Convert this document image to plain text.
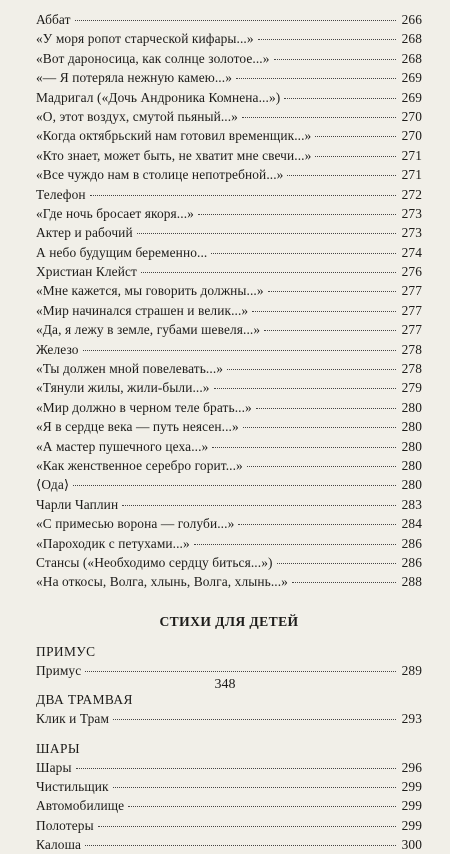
Аббат	266
«У моря ропот старческой кифары...»	268
«Вот дароносица, как солнце золотое...»	268
«— Я потеряла нежную камею...»	269
Мадригал («Дочь Андроника Комнена...»)	269
«О, этот воздух, смутой пьяный...»	270
«Когда октябрьский нам готовил временщик...»	270
«Кто знает, может быть, не хватит мне свечи...»	271
«Все чуждо нам в столице непотребной...»	271
Телефон	272
«Где ночь бросает якоря...»	273
Актер и рабочий	273
А небо будущим беременно...	274
Христиан Клейст	276
«Мне кажется, мы говорить должны...»	277
«Мир начинался страшен и велик...»	277
«Да, я лежу в земле, губами шевеля...»	277
Железо	278
«Ты должен мной повелевать...»	278
«Тянули жилы, жили-были...»	279
«Мир должно в черном теле брать...»	280
«Я в сердце века — путь неясен...»	280
«А мастер пушечного цеха...»	280
«Как женственное серебро горит...»	280
⟨Ода⟩	280
Чарли Чаплин	283
«С примесью ворона — голуби...»	284
«Пароходик с петухами...»	286
Стансы («Необходимо сердцу биться...»)	286
«На откосы, Волга, хлынь, Волга, хлынь...»	288
СТИХИ ДЛЯ ДЕТЕЙ
ПРИМУС
Примус	289
ДВА ТРАМВАЯ
Клик и Трам	293
ШАРЫ
Шары	296
Чистильщик	299
Автомобилище	299
Полотеры	299
Калоша	300
348
